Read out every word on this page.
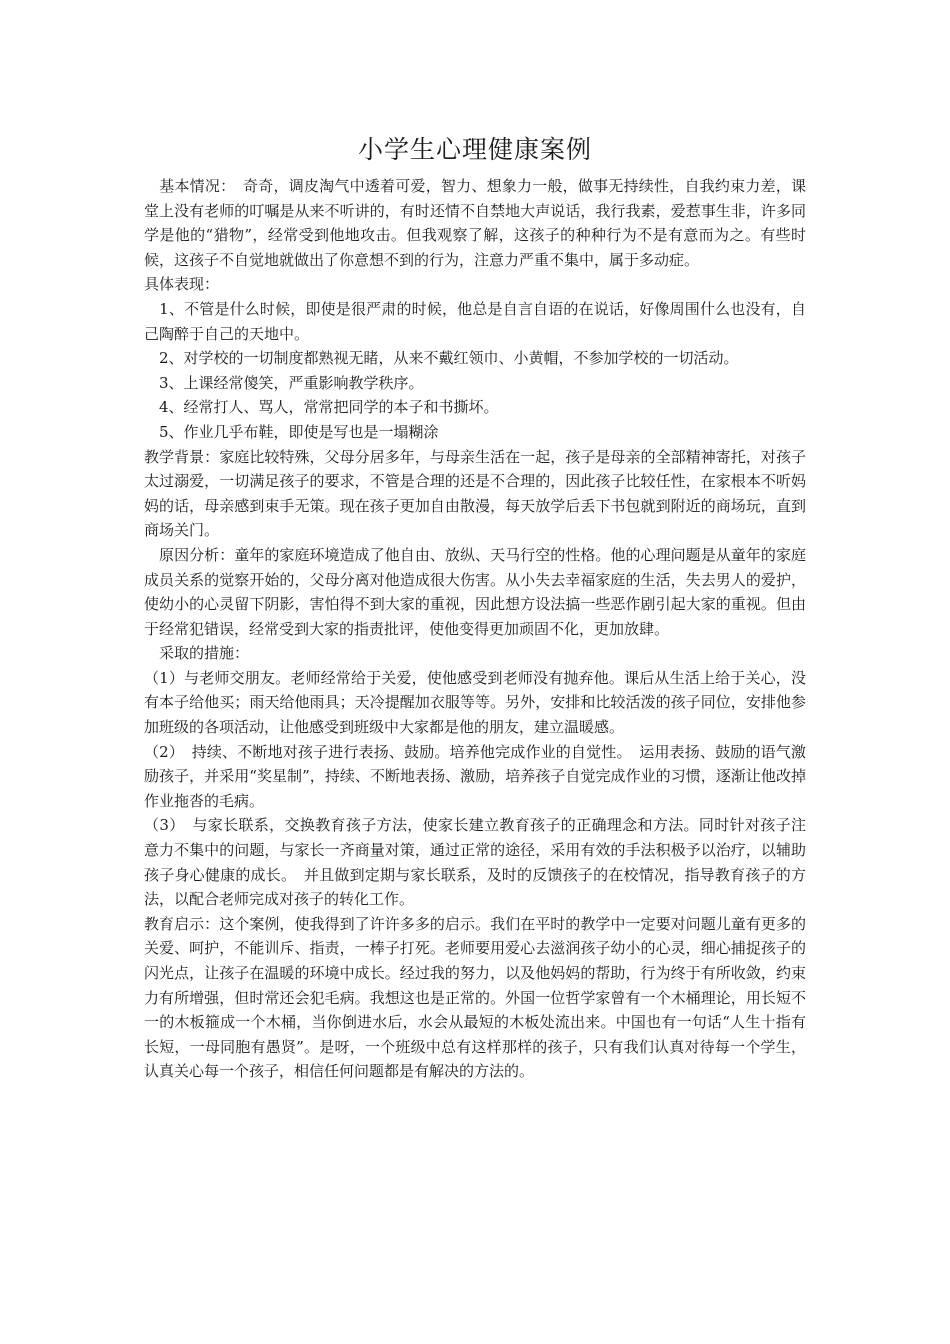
小学生心理健康案例

　基本情况：　奇奇，调皮淘气中透着可爱，智力、想象力一般，做事无持续性，自我约束力差，课堂上没有老师的叮嘱是从来不听讲的，有时还情不自禁地大声说话，我行我素，爱惹事生非，许多同学是他的“猎物”，经常受到他地攻击。但我观察了解，这孩子的种种行为不是有意而为之。有些时候，这孩子不自觉地就做出了你意想不到的行为，注意力严重不集中，属于多动症。

具体表现：

　1、不管是什么时候，即使是很严肃的时候，他总是自言自语的在说话，好像周围什么也没有，自己陶醉于自己的天地中。

　2、对学校的一切制度都熟视无睹，从来不戴红领巾、小黄帽，不参加学校的一切活动。

　3、上课经常傻笑，严重影响教学秩序。

　4、经常打人、骂人，常常把同学的本子和书撕坏。

　5、作业几乎布鞋，即使是写也是一塌糊涂

教学背景：家庭比较特殊，父母分居多年，与母亲生活在一起，孩子是母亲的全部精神寄托，对孩子太过溺爱，一切满足孩子的要求，不管是合理的还是不合理的，因此孩子比较任性，在家根本不听妈妈的话，母亲感到束手无策。现在孩子更加自由散漫，每天放学后丢下书包就到附近的商场玩，直到商场关门。

　原因分析：童年的家庭环境造成了他自由、放纵、天马行空的性格。他的心理问题是从童年的家庭成员关系的觉察开始的，父母分离对他造成很大伤害。从小失去幸福家庭的生活，失去男人的爱护，使幼小的心灵留下阴影，害怕得不到大家的重视，因此想方设法搞一些恶作剧引起大家的重视。但由于经常犯错误，经常受到大家的指责批评，使他变得更加顽固不化，更加放肆。

　采取的措施：

（1）与老师交朋友。老师经常给于关爱，使他感受到老师没有抛弃他。课后从生活上给于关心，没有本子给他买；雨天给他雨具；天冷提醒加衣服等等。另外，安排和比较活泼的孩子同位，安排他参加班级的各项活动，让他感受到班级中大家都是他的朋友，建立温暖感。

（2）　持续、不断地对孩子进行表扬、鼓励。培养他完成作业的自觉性。　运用表扬、鼓励的语气激励孩子，并采用“奖星制”，持续、不断地表扬、激励，培养孩子自觉完成作业的习惯，逐渐让他改掉作业拖沓的毛病。

（3）　与家长联系，交换教育孩子方法，使家长建立教育孩子的正确理念和方法。同时针对孩子注意力不集中的问题，与家长一齐商量对策，通过正常的途径，采用有效的手法积极予以治疗，以辅助孩子身心健康的成长。　并且做到定期与家长联系，及时的反馈孩子的在校情况，指导教育孩子的方法，以配合老师完成对孩子的转化工作。

教育启示：这个案例，使我得到了许许多多的启示。我们在平时的教学中一定要对问题儿童有更多的关爱、呵护，不能训斥、指责，一棒子打死。老师要用爱心去滋润孩子幼小的心灵，细心捕捉孩子的闪光点，让孩子在温暖的环境中成长。经过我的努力，以及他妈妈的帮助，行为终于有所收敛，约束力有所增强，但时常还会犯毛病。我想这也是正常的。外国一位哲学家曾有一个木桶理论，用长短不一的木板箍成一个木桶，当你倒进水后，水会从最短的木板处流出来。中国也有一句话“人生十指有长短，一母同胞有愚贤”。是呀，一个班级中总有这样那样的孩子，只有我们认真对待每一个学生，认真关心每一个孩子，相信任何问题都是有解决的方法的。
